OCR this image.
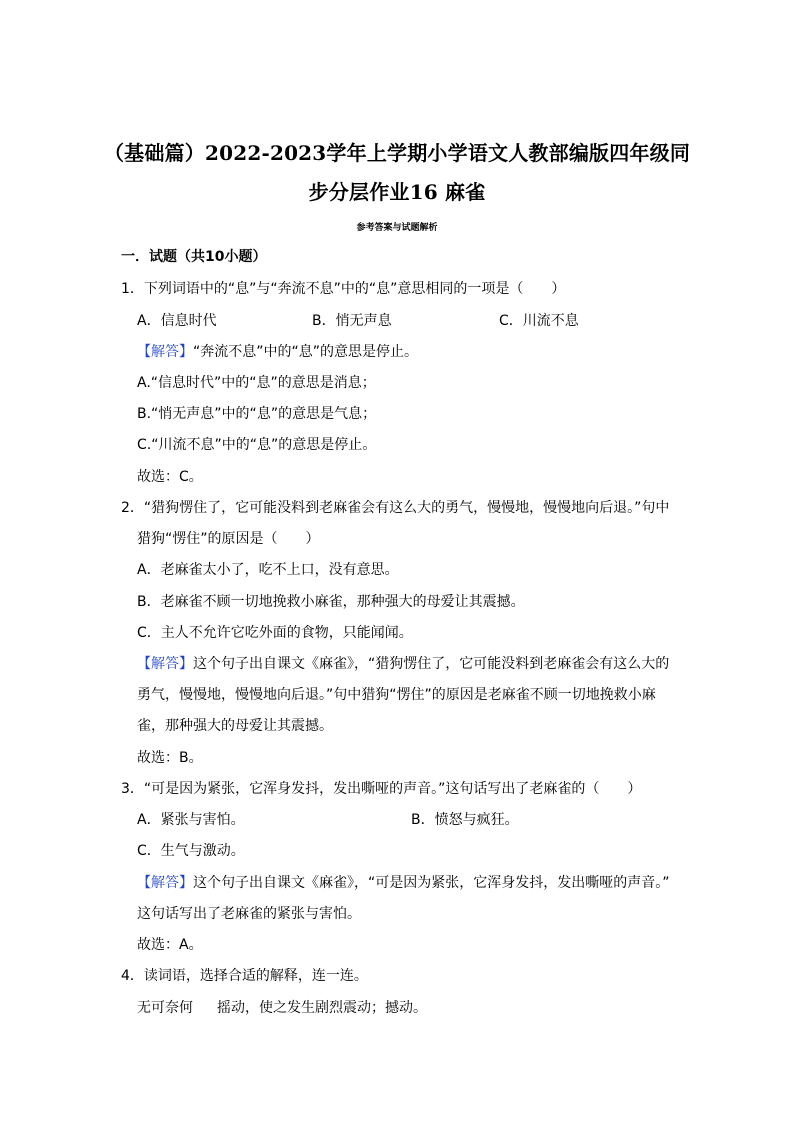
（基础篇）2022-2023学年上学期小学语文人教部编版四年级同
步分层作业16 麻雀
参考答案与试题解析
一．试题（共10小题）
1．下列词语中的“息”与“奔流不息”中的“息”意思相同的一项是（　　）
A．信息时代	B．悄无声息	C．川流不息
【解答】“奔流不息”中的“息”的意思是停止。
A.“信息时代”中的“息”的意思是消息；
B.“悄无声息”中的“息”的意思是气息；
C.“川流不息”中的“息”的意思是停止。
故选：C。
2．“猎狗愣住了，它可能没料到老麻雀会有这么大的勇气，慢慢地，慢慢地向后退。”句中
猎狗“愣住”的原因是（　　）
A．老麻雀太小了，吃不上口，没有意思。
B．老麻雀不顾一切地挽救小麻雀，那种强大的母爱让其震撼。
C．主人不允许它吃外面的食物，只能闻闻。
【解答】这个句子出自课文《麻雀》，“猎狗愣住了，它可能没料到老麻雀会有这么大的
勇气，慢慢地，慢慢地向后退。”句中猎狗“愣住”的原因是老麻雀不顾一切地挽救小麻
雀，那种强大的母爱让其震撼。
故选：B。
3．“可是因为紧张，它浑身发抖，发出嘶哑的声音。”这句话写出了老麻雀的（　　）
A．紧张与害怕。	B．愤怒与疯狂。
C．生气与激动。
【解答】这个句子出自课文《麻雀》，“可是因为紧张，它浑身发抖，发出嘶哑的声音。”
这句话写出了老麻雀的紧张与害怕。
故选：A。
4．读词语，选择合适的解释，连一连。
无可奈何 摇动，使之发生剧烈震动；撼动。
